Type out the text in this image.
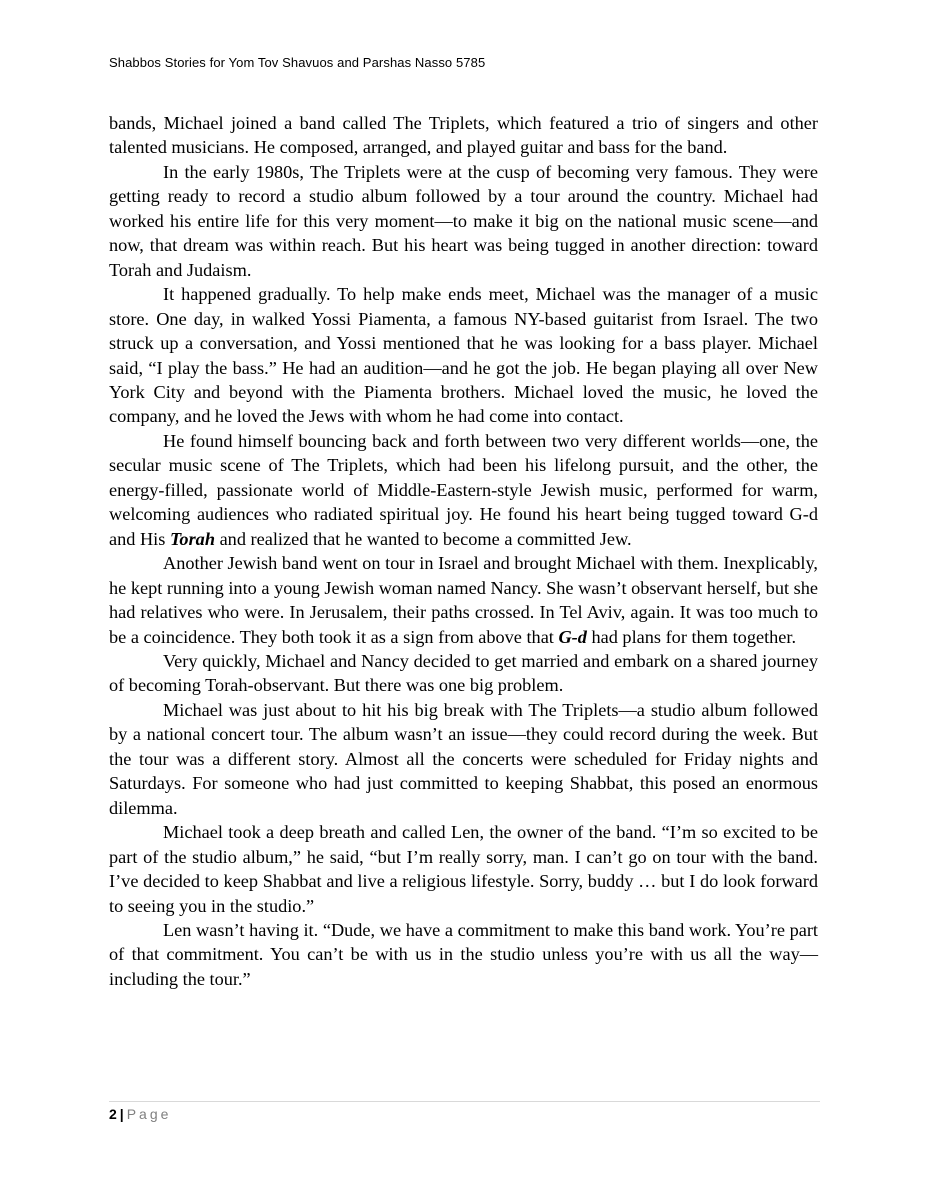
Shabbos Stories for Yom Tov Shavuos and Parshas Nasso 5785

bands, Michael joined a band called The Triplets, which featured a trio of singers and other talented musicians. He composed, arranged, and played guitar and bass for the band.

In the early 1980s, The Triplets were at the cusp of becoming very famous. They were getting ready to record a studio album followed by a tour around the country. Michael had worked his entire life for this very moment—to make it big on the national music scene—and now, that dream was within reach. But his heart was being tugged in another direction: toward Torah and Judaism.

It happened gradually. To help make ends meet, Michael was the manager of a music store. One day, in walked Yossi Piamenta, a famous NY-based guitarist from Israel. The two struck up a conversation, and Yossi mentioned that he was looking for a bass player. Michael said, “I play the bass.” He had an audition—and he got the job. He began playing all over New York City and beyond with the Piamenta brothers. Michael loved the music, he loved the company, and he loved the Jews with whom he had come into contact.

He found himself bouncing back and forth between two very different worlds—one, the secular music scene of The Triplets, which had been his lifelong pursuit, and the other, the energy-filled, passionate world of Middle-Eastern-style Jewish music, performed for warm, welcoming audiences who radiated spiritual joy. He found his heart being tugged toward G-d and His Torah and realized that he wanted to become a committed Jew.

Another Jewish band went on tour in Israel and brought Michael with them. Inexplicably, he kept running into a young Jewish woman named Nancy. She wasn’t observant herself, but she had relatives who were. In Jerusalem, their paths crossed. In Tel Aviv, again. It was too much to be a coincidence. They both took it as a sign from above that G-d had plans for them together.

Very quickly, Michael and Nancy decided to get married and embark on a shared journey of becoming Torah-observant. But there was one big problem.

Michael was just about to hit his big break with The Triplets—a studio album followed by a national concert tour. The album wasn’t an issue—they could record during the week. But the tour was a different story. Almost all the concerts were scheduled for Friday nights and Saturdays. For someone who had just committed to keeping Shabbat, this posed an enormous dilemma.

Michael took a deep breath and called Len, the owner of the band. “I’m so excited to be part of the studio album,” he said, “but I’m really sorry, man. I can’t go on tour with the band. I’ve decided to keep Shabbat and live a religious lifestyle. Sorry, buddy … but I do look forward to seeing you in the studio.”

Len wasn’t having it. “Dude, we have a commitment to make this band work. You’re part of that commitment. You can’t be with us in the studio unless you’re with us all the way—including the tour.”

2 | Page
